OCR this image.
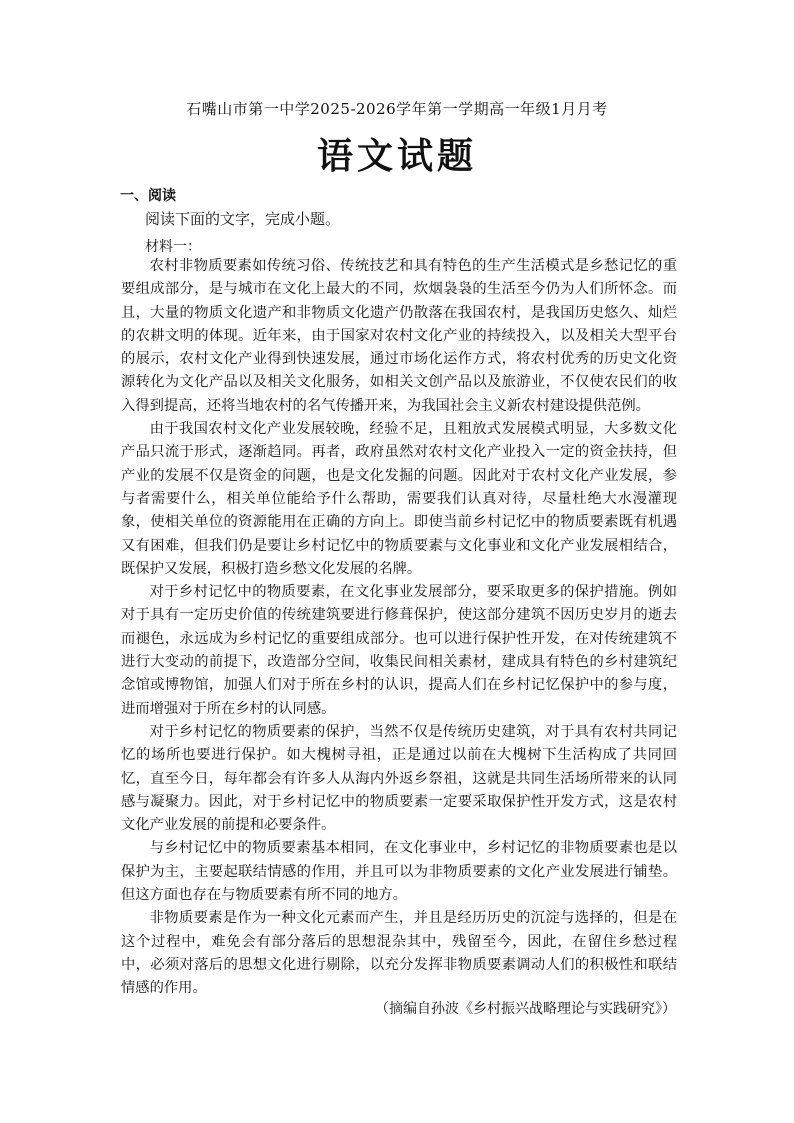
石嘴山市第一中学2025-2026学年第一学期高一年级1月月考
语文试题
一、阅读
阅读下面的文字，完成小题。
材料一：

农村非物质要素如传统习俗、传统技艺和具有特色的生产生活模式是乡愁记忆的重要组成部分，是与城市在文化上最大的不同，炊烟袅袅的生活至今仍为人们所怀念。而且，大量的物质文化遗产和非物质文化遗产仍散落在我国农村，是我国历史悠久、灿烂的农耕文明的体现。近年来，由于国家对农村文化产业的持续投入，以及相关大型平台的展示，农村文化产业得到快速发展，通过市场化运作方式，将农村优秀的历史文化资源转化为文化产品以及相关文化服务，如相关文创产品以及旅游业，不仅使农民们的收入得到提高，还将当地农村的名气传播开来，为我国社会主义新农村建设提供范例。

由于我国农村文化产业发展较晚，经验不足，且粗放式发展模式明显，大多数文化产品只流于形式，逐渐趋同。再者，政府虽然对农村文化产业投入一定的资金扶持，但产业的发展不仅是资金的问题，也是文化发掘的问题。因此对于农村文化产业发展，参与者需要什么，相关单位能给予什么帮助，需要我们认真对待，尽量杜绝大水漫灌现象，使相关单位的资源能用在正确的方向上。即使当前乡村记忆中的物质要素既有机遇又有困难，但我们仍是要让乡村记忆中的物质要素与文化事业和文化产业发展相结合，既保护又发展，积极打造乡愁文化发展的名牌。

对于乡村记忆中的物质要素，在文化事业发展部分，要采取更多的保护措施。例如对于具有一定历史价值的传统建筑要进行修葺保护，使这部分建筑不因历史岁月的逝去而褪色，永远成为乡村记忆的重要组成部分。也可以进行保护性开发，在对传统建筑不进行大变动的前提下，改造部分空间，收集民间相关素材，建成具有特色的乡村建筑纪念馆或博物馆，加强人们对于所在乡村的认识，提高人们在乡村记忆保护中的参与度，进而增强对于所在乡村的认同感。

对于乡村记忆的物质要素的保护，当然不仅是传统历史建筑，对于具有农村共同记忆的场所也要进行保护。如大槐树寻祖，正是通过以前在大槐树下生活构成了共同回忆，直至今日，每年都会有许多人从海内外返乡祭祖，这就是共同生活场所带来的认同感与凝聚力。因此，对于乡村记忆中的物质要素一定要采取保护性开发方式，这是农村文化产业发展的前提和必要条件。

与乡村记忆中的物质要素基本相同，在文化事业中，乡村记忆的非物质要素也是以保护为主，主要起联结情感的作用，并且可以为非物质要素的文化产业发展进行铺垫。但这方面也存在与物质要素有所不同的地方。

非物质要素是作为一种文化元素而产生，并且是经历历史的沉淀与选择的，但是在这个过程中，难免会有部分落后的思想混杂其中，残留至今，因此，在留住乡愁过程中，必须对落后的思想文化进行剔除，以充分发挥非物质要素调动人们的积极性和联结情感的作用。

（摘编自孙波《乡村振兴战略理论与实践研究》）
